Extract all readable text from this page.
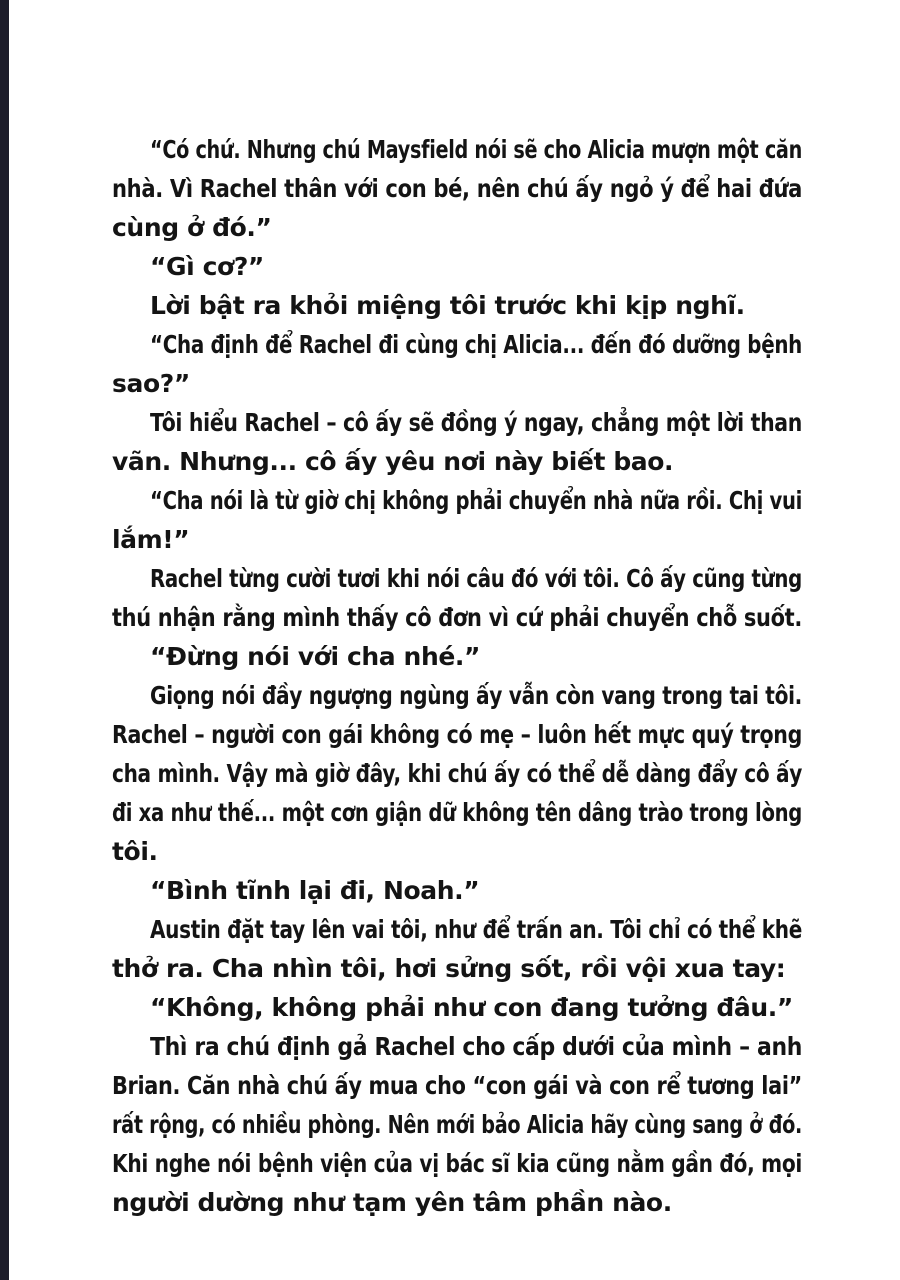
“Có chứ. Nhưng chú Maysfield nói sẽ cho Alicia mượn một căn
nhà. Vì Rachel thân với con bé, nên chú ấy ngỏ ý để hai đứa
cùng ở đó.”
“Gì cơ?”
Lời bật ra khỏi miệng tôi trước khi kịp nghĩ.
“Cha định để Rachel đi cùng chị Alicia... đến đó dưỡng bệnh
sao?”
Tôi hiểu Rachel – cô ấy sẽ đồng ý ngay, chẳng một lời than
vãn. Nhưng... cô ấy yêu nơi này biết bao.
“Cha nói là từ giờ chị không phải chuyển nhà nữa rồi. Chị vui
lắm!”
Rachel từng cười tươi khi nói câu đó với tôi. Cô ấy cũng từng
thú nhận rằng mình thấy cô đơn vì cứ phải chuyển chỗ suốt.
“Đừng nói với cha nhé.”
Giọng nói đầy ngượng ngùng ấy vẫn còn vang trong tai tôi.
Rachel – người con gái không có mẹ – luôn hết mực quý trọng
cha mình. Vậy mà giờ đây, khi chú ấy có thể dễ dàng đẩy cô ấy
đi xa như thế... một cơn giận dữ không tên dâng trào trong lòng
tôi.
“Bình tĩnh lại đi, Noah.”
Austin đặt tay lên vai tôi, như để trấn an. Tôi chỉ có thể khẽ
thở ra. Cha nhìn tôi, hơi sửng sốt, rồi vội xua tay:
“Không, không phải như con đang tưởng đâu.”
Thì ra chú định gả Rachel cho cấp dưới của mình – anh
Brian. Căn nhà chú ấy mua cho “con gái và con rể tương lai”
rất rộng, có nhiều phòng. Nên mới bảo Alicia hãy cùng sang ở đó.
Khi nghe nói bệnh viện của vị bác sĩ kia cũng nằm gần đó, mọi
người dường như tạm yên tâm phần nào.
